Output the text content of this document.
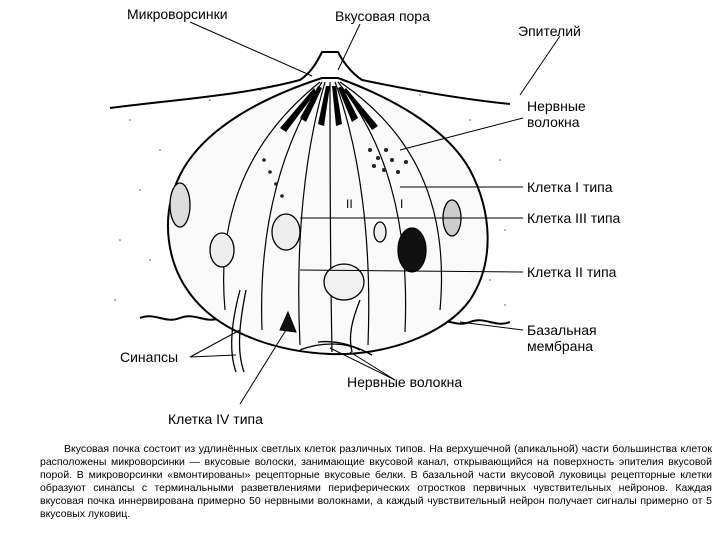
II	I
Микроворсинки	Вкусовая пора
Эпителий
Нервные волокна
Клетка I типа
Клетка III типа
Клетка II типа
Базальная мембрана
Синапсы
Нервные волокна
Клетка IV типа
Вкусовая почка состоит из удлинённых светлых клеток различных типов. На верхушечной (апикальной) части большинства клеток расположены микроворсинки — вкусовые волоски, занимающие вкусовой канал, открывающийся на поверхность эпителия вкусовой порой. В микроворсинки «вмонтированы» рецепторные вкусовые белки. В базальной части вкусовой луковицы рецепторные клетки образуют синапсы с терминальными разветвлениями периферических отростков первичных чувствительных нейронов. Каждая вкусовая почка иннервирована примерно 50 нервными волокнами, а каждый чувствительный нейрон получает сигналы примерно от 5 вкусовых луковиц.
